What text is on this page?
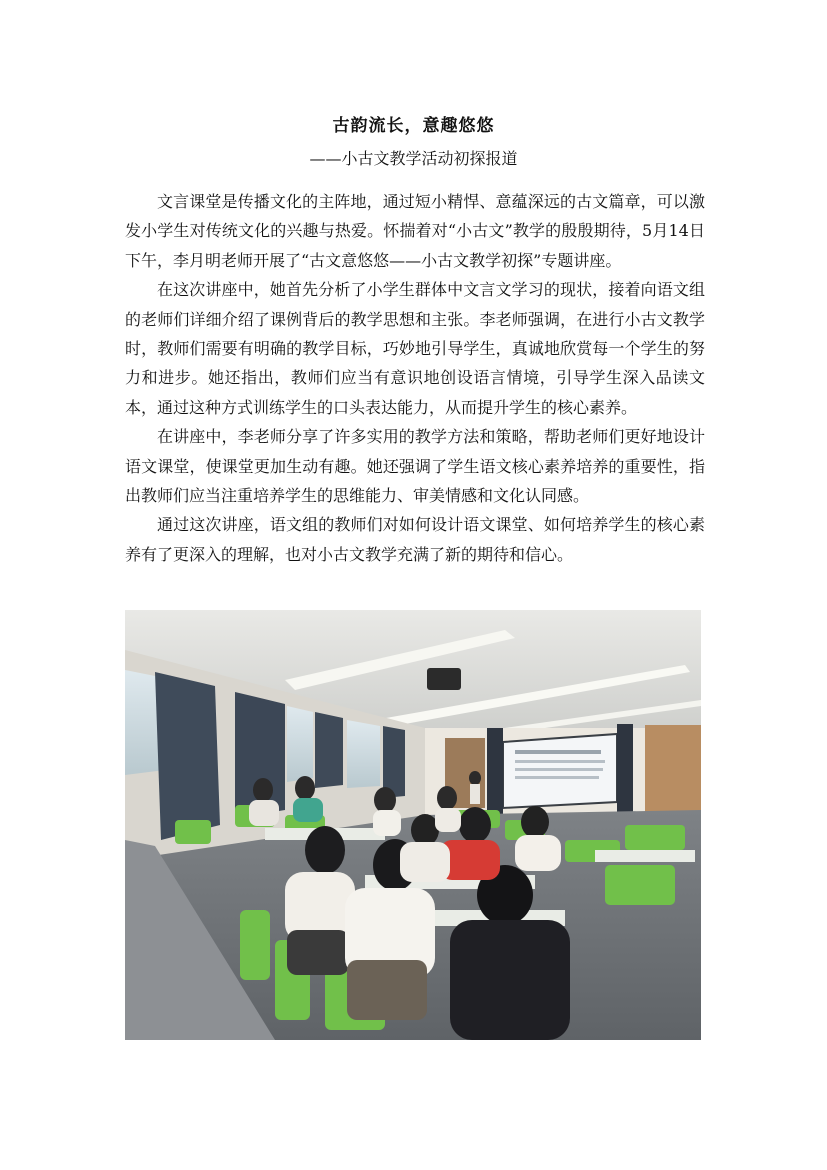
古韵流长，意趣悠悠
——小古文教学活动初探报道

文言课堂是传播文化的主阵地，通过短小精悍、意蕴深远的古文篇章，可以激发小学生对传统文化的兴趣与热爱。怀揣着对“小古文”教学的殷殷期待，5月14日下午，李月明老师开展了“古文意悠悠——小古文教学初探”专题讲座。

在这次讲座中，她首先分析了小学生群体中文言文学习的现状，接着向语文组的老师们详细介绍了课例背后的教学思想和主张。李老师强调，在进行小古文教学时，教师们需要有明确的教学目标，巧妙地引导学生，真诚地欣赏每一个学生的努力和进步。她还指出，教师们应当有意识地创设语言情境，引导学生深入品读文本，通过这种方式训练学生的口头表达能力，从而提升学生的核心素养。

在讲座中，李老师分享了许多实用的教学方法和策略，帮助老师们更好地设计语文课堂，使课堂更加生动有趣。她还强调了学生语文核心素养培养的重要性，指出教师们应当注重培养学生的思维能力、审美情感和文化认同感。

通过这次讲座，语文组的教师们对如何设计语文课堂、如何培养学生的核心素养有了更深入的理解，也对小古文教学充满了新的期待和信心。
